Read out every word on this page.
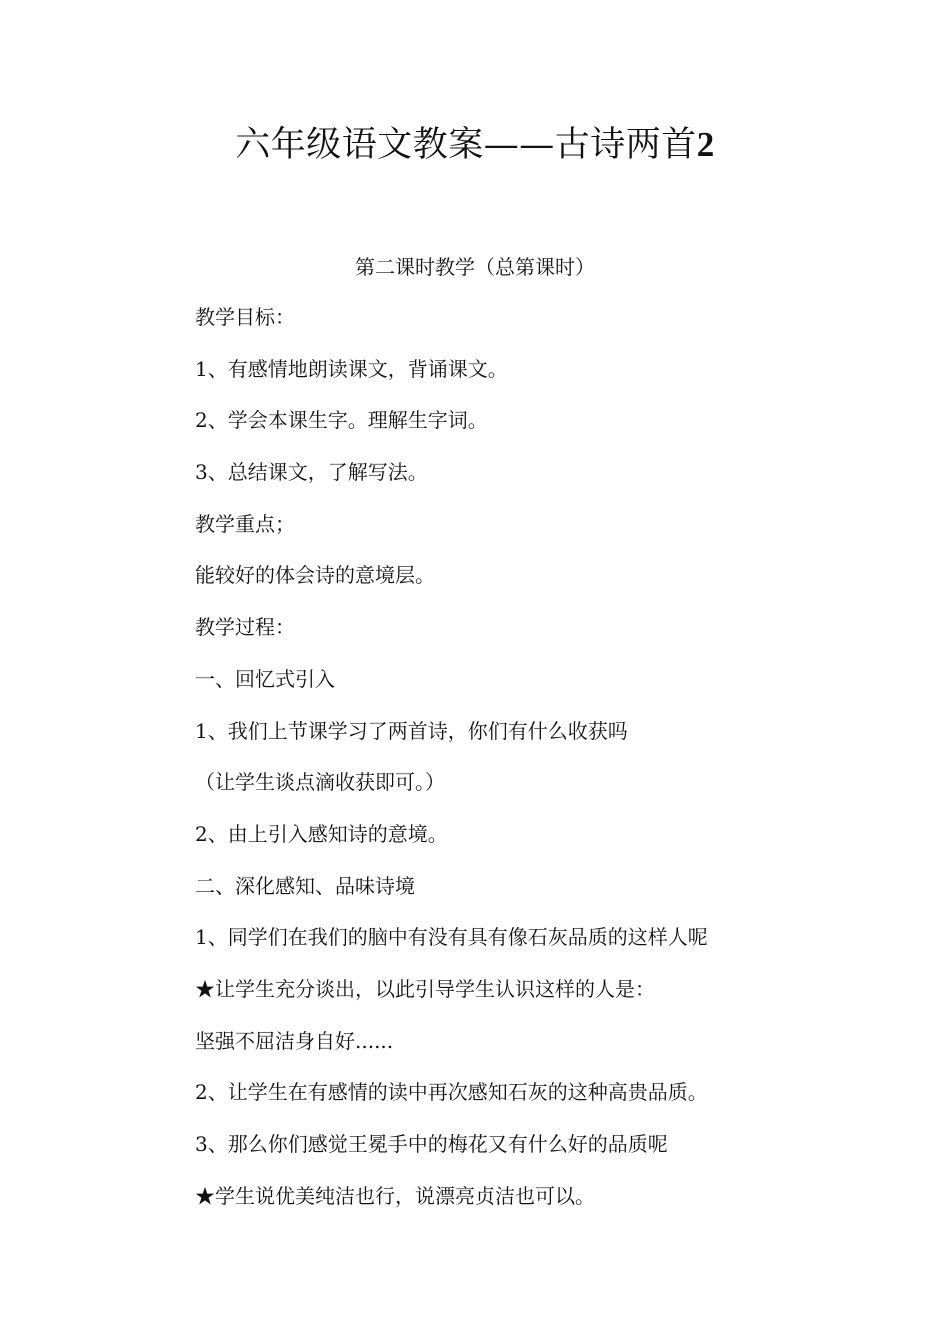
六年级语文教案——古诗两首2
第二课时教学（总第课时）
教学目标：
1、有感情地朗读课文，背诵课文。
2、学会本课生字。理解生字词。
3、总结课文，了解写法。
教学重点；
能较好的体会诗的意境层。
教学过程：
一、回忆式引入
1、我们上节课学习了两首诗，你们有什么收获吗
（让学生谈点滴收获即可。）
2、由上引入感知诗的意境。
二、深化感知、品味诗境
1、同学们在我们的脑中有没有具有像石灰品质的这样人呢
★让学生充分谈出，以此引导学生认识这样的人是：
坚强不屈洁身自好......
2、让学生在有感情的读中再次感知石灰的这种高贵品质。
3、那么你们感觉王冕手中的梅花又有什么好的品质呢
★学生说优美纯洁也行，说漂亮贞洁也可以。
